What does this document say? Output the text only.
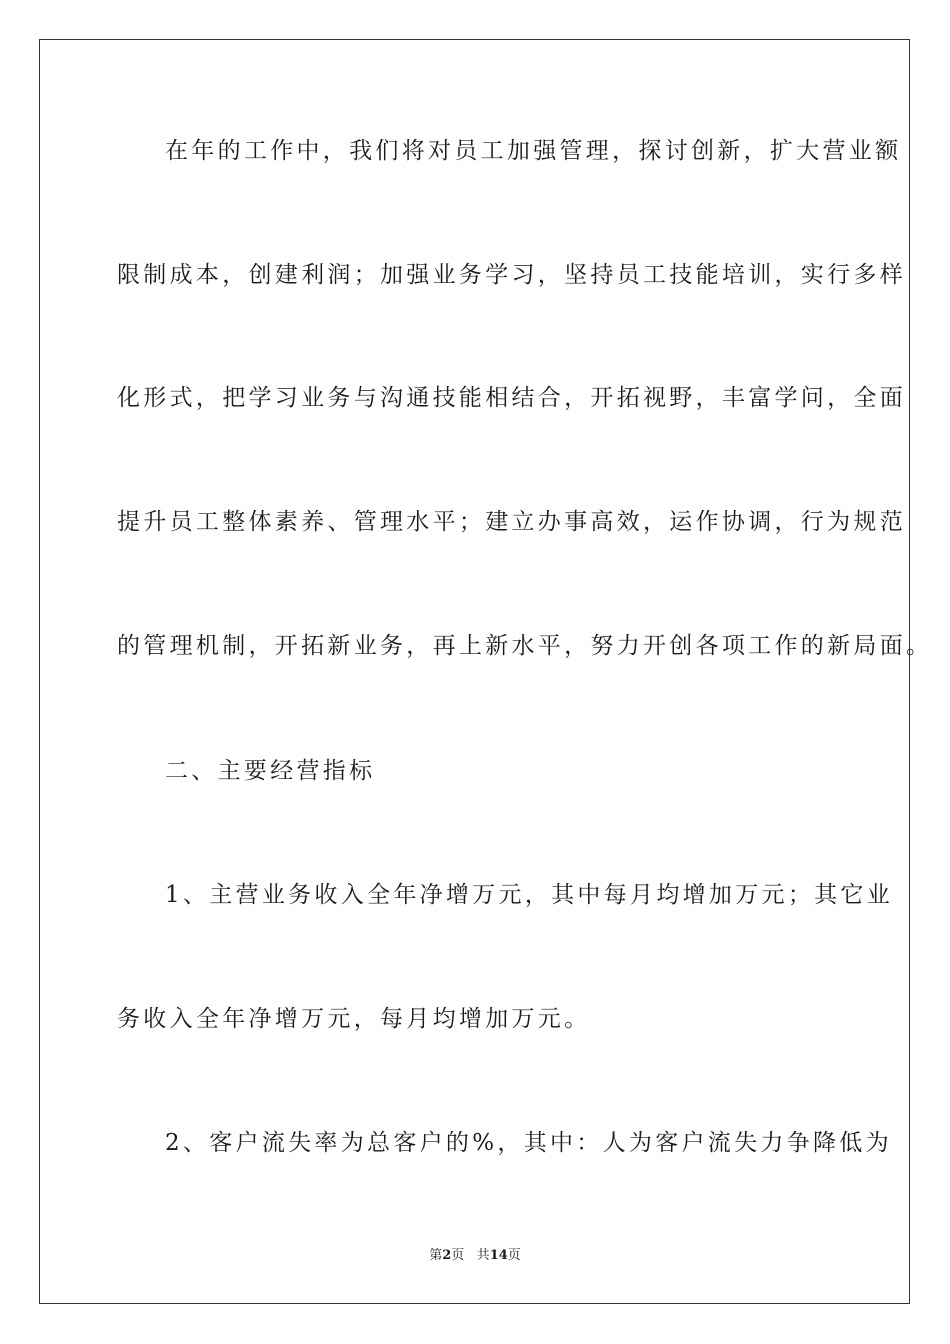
在年的工作中，我们将对员工加强管理，探讨创新，扩大营业额
限制成本，创建利润；加强业务学习，坚持员工技能培训，实行多样
化形式，把学习业务与沟通技能相结合，开拓视野，丰富学问，全面
提升员工整体素养、管理水平；建立办事高效，运作协调，行为规范
的管理机制，开拓新业务，再上新水平，努力开创各项工作的新局面。
二、主要经营指标
1、主营业务收入全年净增万元，其中每月均增加万元；其它业
务收入全年净增万元，每月均增加万元。
2、客户流失率为总客户的%，其中：人为客户流失力争降低为
第2页 共14页
